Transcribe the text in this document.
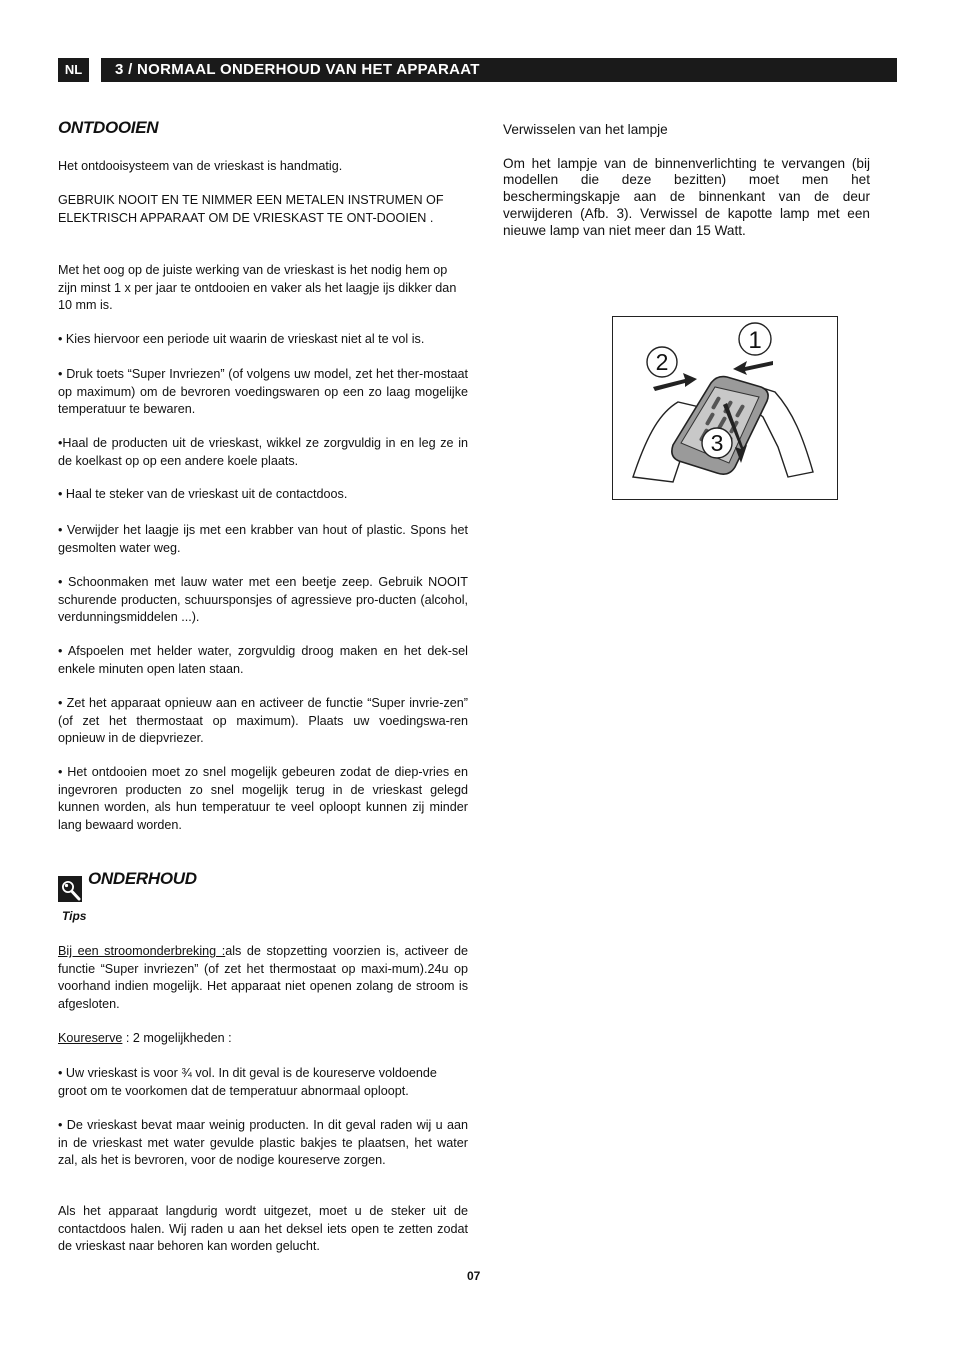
NL	3 / NORMAAL ONDERHOUD VAN HET APPARAAT
ONTDOOIEN

Het ontdooisysteem van de vrieskast is handmatig.

GEBRUIK NOOIT EN TE NIMMER EEN METALEN INSTRUMEN OF ELEKTRISCH APPARAAT OM DE VRIESKAST TE ONT-DOOIEN .

Met het oog op de juiste werking van de vrieskast is het nodig hem op zijn minst 1 x per jaar te ontdooien en vaker als het laagje ijs dikker dan 10 mm is.

• Kies hiervoor een periode uit waarin de vrieskast niet al te vol is.

• Druk toets “Super Invriezen” (of volgens uw model, zet het ther-mostaat op maximum) om de bevroren voedingswaren op een zo laag mogelijke temperatuur te bewaren.

•Haal de producten uit de vrieskast, wikkel ze zorgvuldig in en leg ze in de koelkast op op een andere koele plaats.

• Haal te steker van de vrieskast uit de contactdoos.

• Verwijder het laagje ijs met een krabber van hout of plastic. Spons het gesmolten water weg.

• Schoonmaken met lauw water met een beetje zeep. Gebruik NOOIT schurende producten, schuursponsjes of agressieve pro-ducten (alcohol, verdunningsmiddelen ...).

• Afspoelen met helder water, zorgvuldig droog maken en het dek-sel enkele minuten open laten staan.

• Zet het apparaat opnieuw aan en activeer de functie “Super invrie-zen” (of zet het thermostaat op maximum). Plaats uw voedingswa-ren opnieuw in de diepvriezer.

• Het ontdooien moet zo snel mogelijk gebeuren zodat de diep-vries en ingevroren producten zo snel mogelijk terug in de vrieskast gelegd kunnen worden, als hun temperatuur te veel oploopt kunnen zij minder lang bewaard worden.

ONDERHOUD
Tips

Bij een stroomonderbreking :als de stopzetting voorzien is, activeer de functie “Super invriezen” (of zet het thermostaat op maxi-mum).24u op voorhand indien mogelijk. Het apparaat niet openen zolang de stroom is afgesloten.

Koureserve : 2 mogelijkheden :

• Uw vrieskast is voor ¾ vol. In dit geval is de koureserve voldoende groot om te voorkomen dat de temperatuur abnormaal oploopt.

• De vrieskast bevat maar weinig producten. In dit geval raden wij u aan in de vrieskast met water gevulde plastic bakjes te plaatsen, het water zal, als het is bevroren, voor de nodige koureserve zorgen.

Als het apparaat langdurig wordt uitgezet, moet u de steker uit de contactdoos halen. Wij raden u aan het deksel iets open te zetten zodat de vrieskast naar behoren kan worden gelucht.

Verwisselen van het lampje

Om het lampje van de binnenverlichting te vervangen (bij modellen die deze bezitten) moet men het beschermingskapje aan de binnenkant van de deur verwijderen (Afb. 3). Verwissel de kapotte lamp met een nieuwe lamp van niet meer dan 15 Watt.

1
2
3
07
